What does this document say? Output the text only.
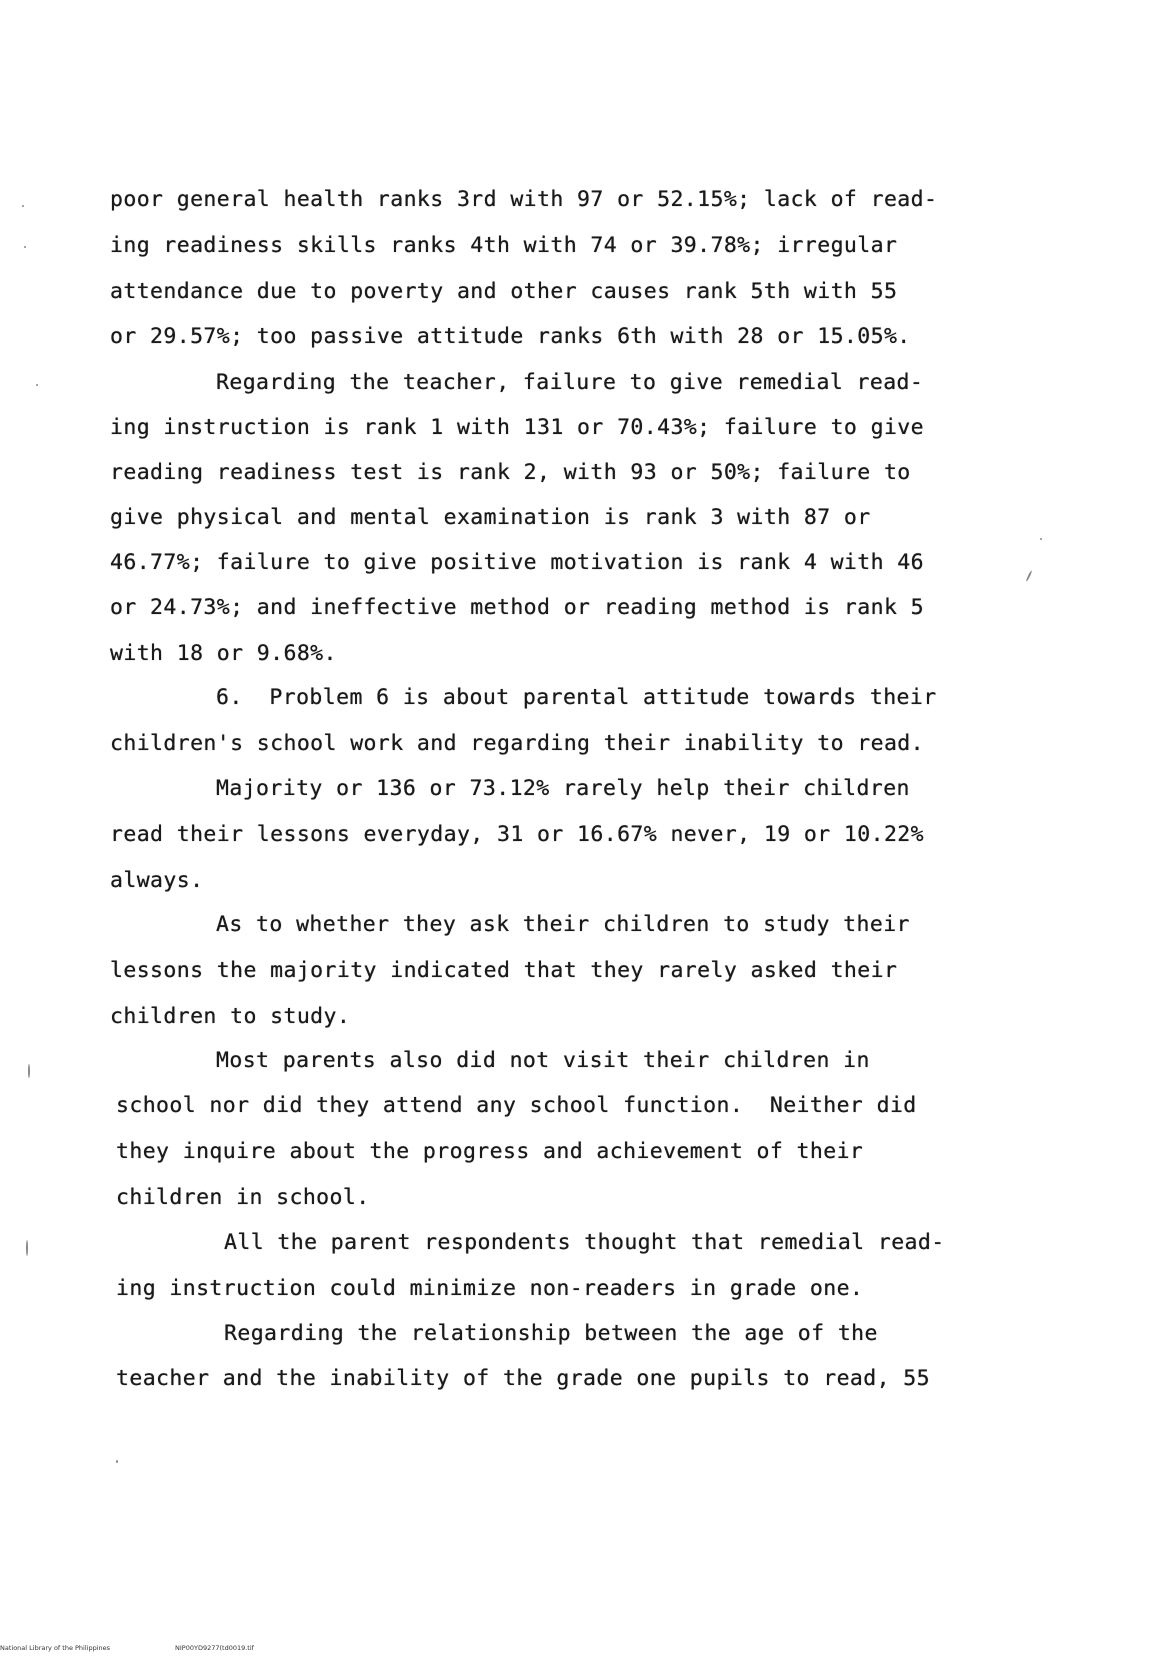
poor general health ranks 3rd with 97 or 52.15%; lack of read-
ing readiness skills ranks 4th with 74 or 39.78%; irregular
attendance due to poverty and other causes rank 5th with 55
or 29.57%; too passive attitude ranks 6th with 28 or 15.05%.
Regarding the teacher, failure to give remedial read-
ing instruction is rank 1 with 131 or 70.43%; failure to give
reading readiness test is rank 2, with 93 or 50%; failure to
give physical and mental examination is rank 3 with 87 or
46.77%; failure to give positive motivation is rank 4 with 46
or 24.73%; and ineffective method or reading method is rank 5
with 18 or 9.68%.
6.  Problem 6 is about parental attitude towards their
children's school work and regarding their inability to read.
Majority or 136 or 73.12% rarely help their children
read their lessons everyday, 31 or 16.67% never, 19 or 10.22%
always.
As to whether they ask their children to study their
lessons the majority indicated that they rarely asked their
children to study.
Most parents also did not visit their children in
school nor did they attend any school function.  Neither did
they inquire about the progress and achievement of their
children in school.
All the parent respondents thought that remedial read-
ing instruction could minimize non-readers in grade one.
Regarding the relationship between the age of the
teacher and the inability of the grade one pupils to read, 55
National Library of the Philippines	NIP00YD9277(td0019.tif
